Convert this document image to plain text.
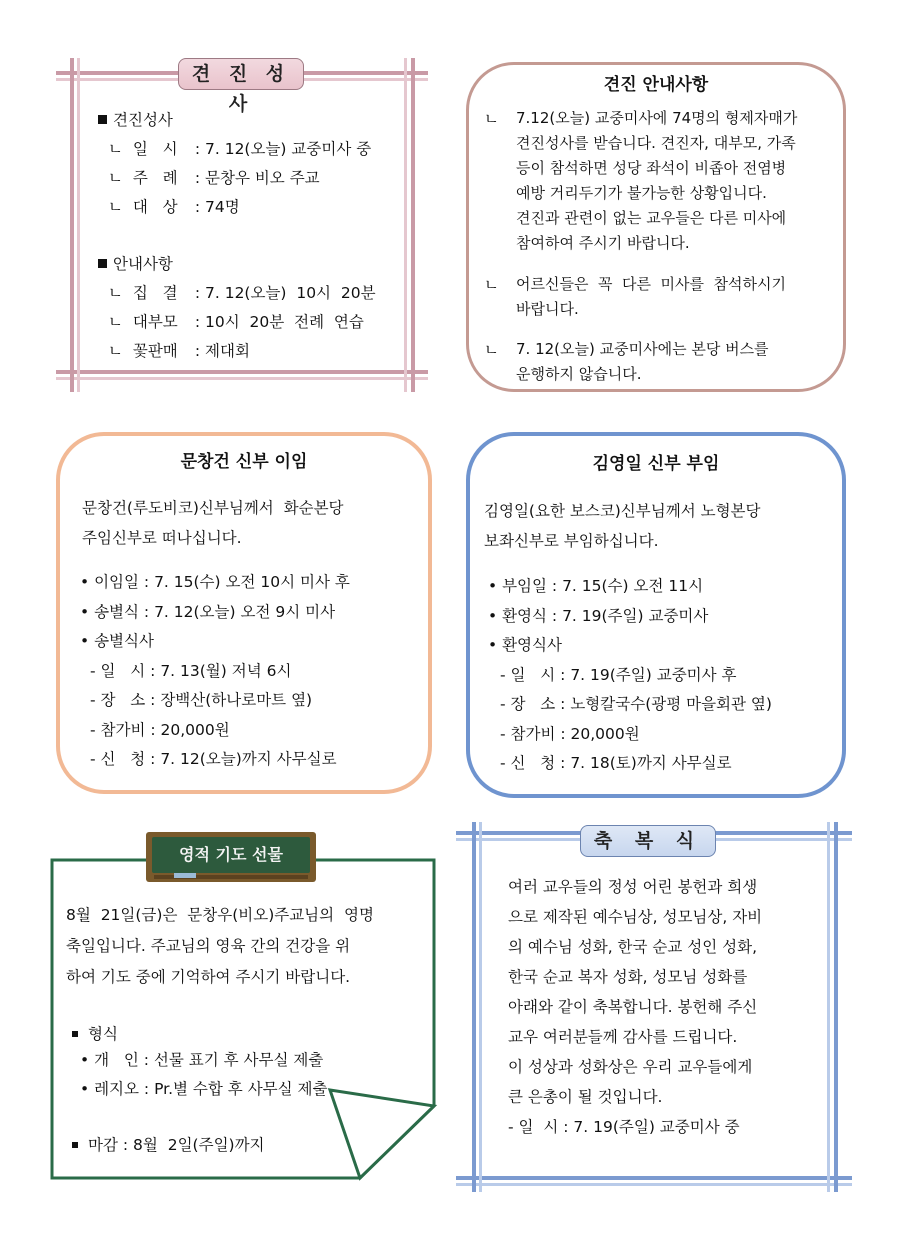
견 진 성 사
견진성사
ㄴ 일   시 : 7. 12(오늘) 교중미사 중
ㄴ 주   례 : 문창우 비오 주교
ㄴ 대   상 : 74명
안내사항
ㄴ 집   결 : 7. 12(오늘)  10시  20분
ㄴ 대부모 : 10시  20분  전례  연습
ㄴ 꽃판매 : 제대회
견진 안내사항
ㄴ 7.12(오늘) 교중미사에 74명의 형제자매가
견진성사를 받습니다. 견진자, 대부모, 가족
등이 참석하면 성당 좌석이 비좁아 전염병
예방 거리두기가 불가능한 상황입니다.
견진과 관련이 없는 교우들은 다른 미사에
참여하여 주시기 바랍니다.
ㄴ 어르신들은  꼭  다른  미사를  참석하시기
바랍니다.
ㄴ 7. 12(오늘) 교중미사에는 본당 버스를
운행하지 않습니다.
문창건 신부 이임
문창건(루도비코)신부님께서  화순본당
주임신부로 떠나십니다.
• 이임일 : 7. 15(수) 오전 10시 미사 후
• 송별식 : 7. 12(오늘) 오전 9시 미사
• 송별식사
- 일   시 : 7. 13(월) 저녁 6시
- 장   소 : 장백산(하나로마트 옆)
- 참가비 : 20,000원
- 신   청 : 7. 12(오늘)까지 사무실로
김영일 신부 부임
김영일(요한 보스코)신부님께서 노형본당
보좌신부로 부임하십니다.
• 부임일 : 7. 15(수) 오전 11시
• 환영식 : 7. 19(주일) 교중미사
• 환영식사
- 일   시 : 7. 19(주일) 교중미사 후
- 장   소 : 노형칼국수(광평 마을회관 옆)
- 참가비 : 20,000원
- 신   청 : 7. 18(토)까지 사무실로
영적 기도 선물
8월  21일(금)은  문창우(비오)주교님의  영명
축일입니다. 주교님의 영육 간의 건강을 위
하여 기도 중에 기억하여 주시기 바랍니다.
형식
• 개   인 : 선물 표기 후 사무실 제출
• 레지오 : Pr.별 수합 후 사무실 제출
마감 : 8월  2일(주일)까지
축 복 식
여러 교우들의 정성 어린 봉헌과 희생
으로 제작된 예수님상, 성모님상, 자비
의 예수님 성화, 한국 순교 성인 성화,
한국 순교 복자 성화, 성모님 성화를
아래와 같이 축복합니다. 봉헌해 주신
교우 여러분들께 감사를 드립니다.
이 성상과 성화상은 우리 교우들에게
큰 은총이 될 것입니다.
- 일  시 : 7. 19(주일) 교중미사 중
